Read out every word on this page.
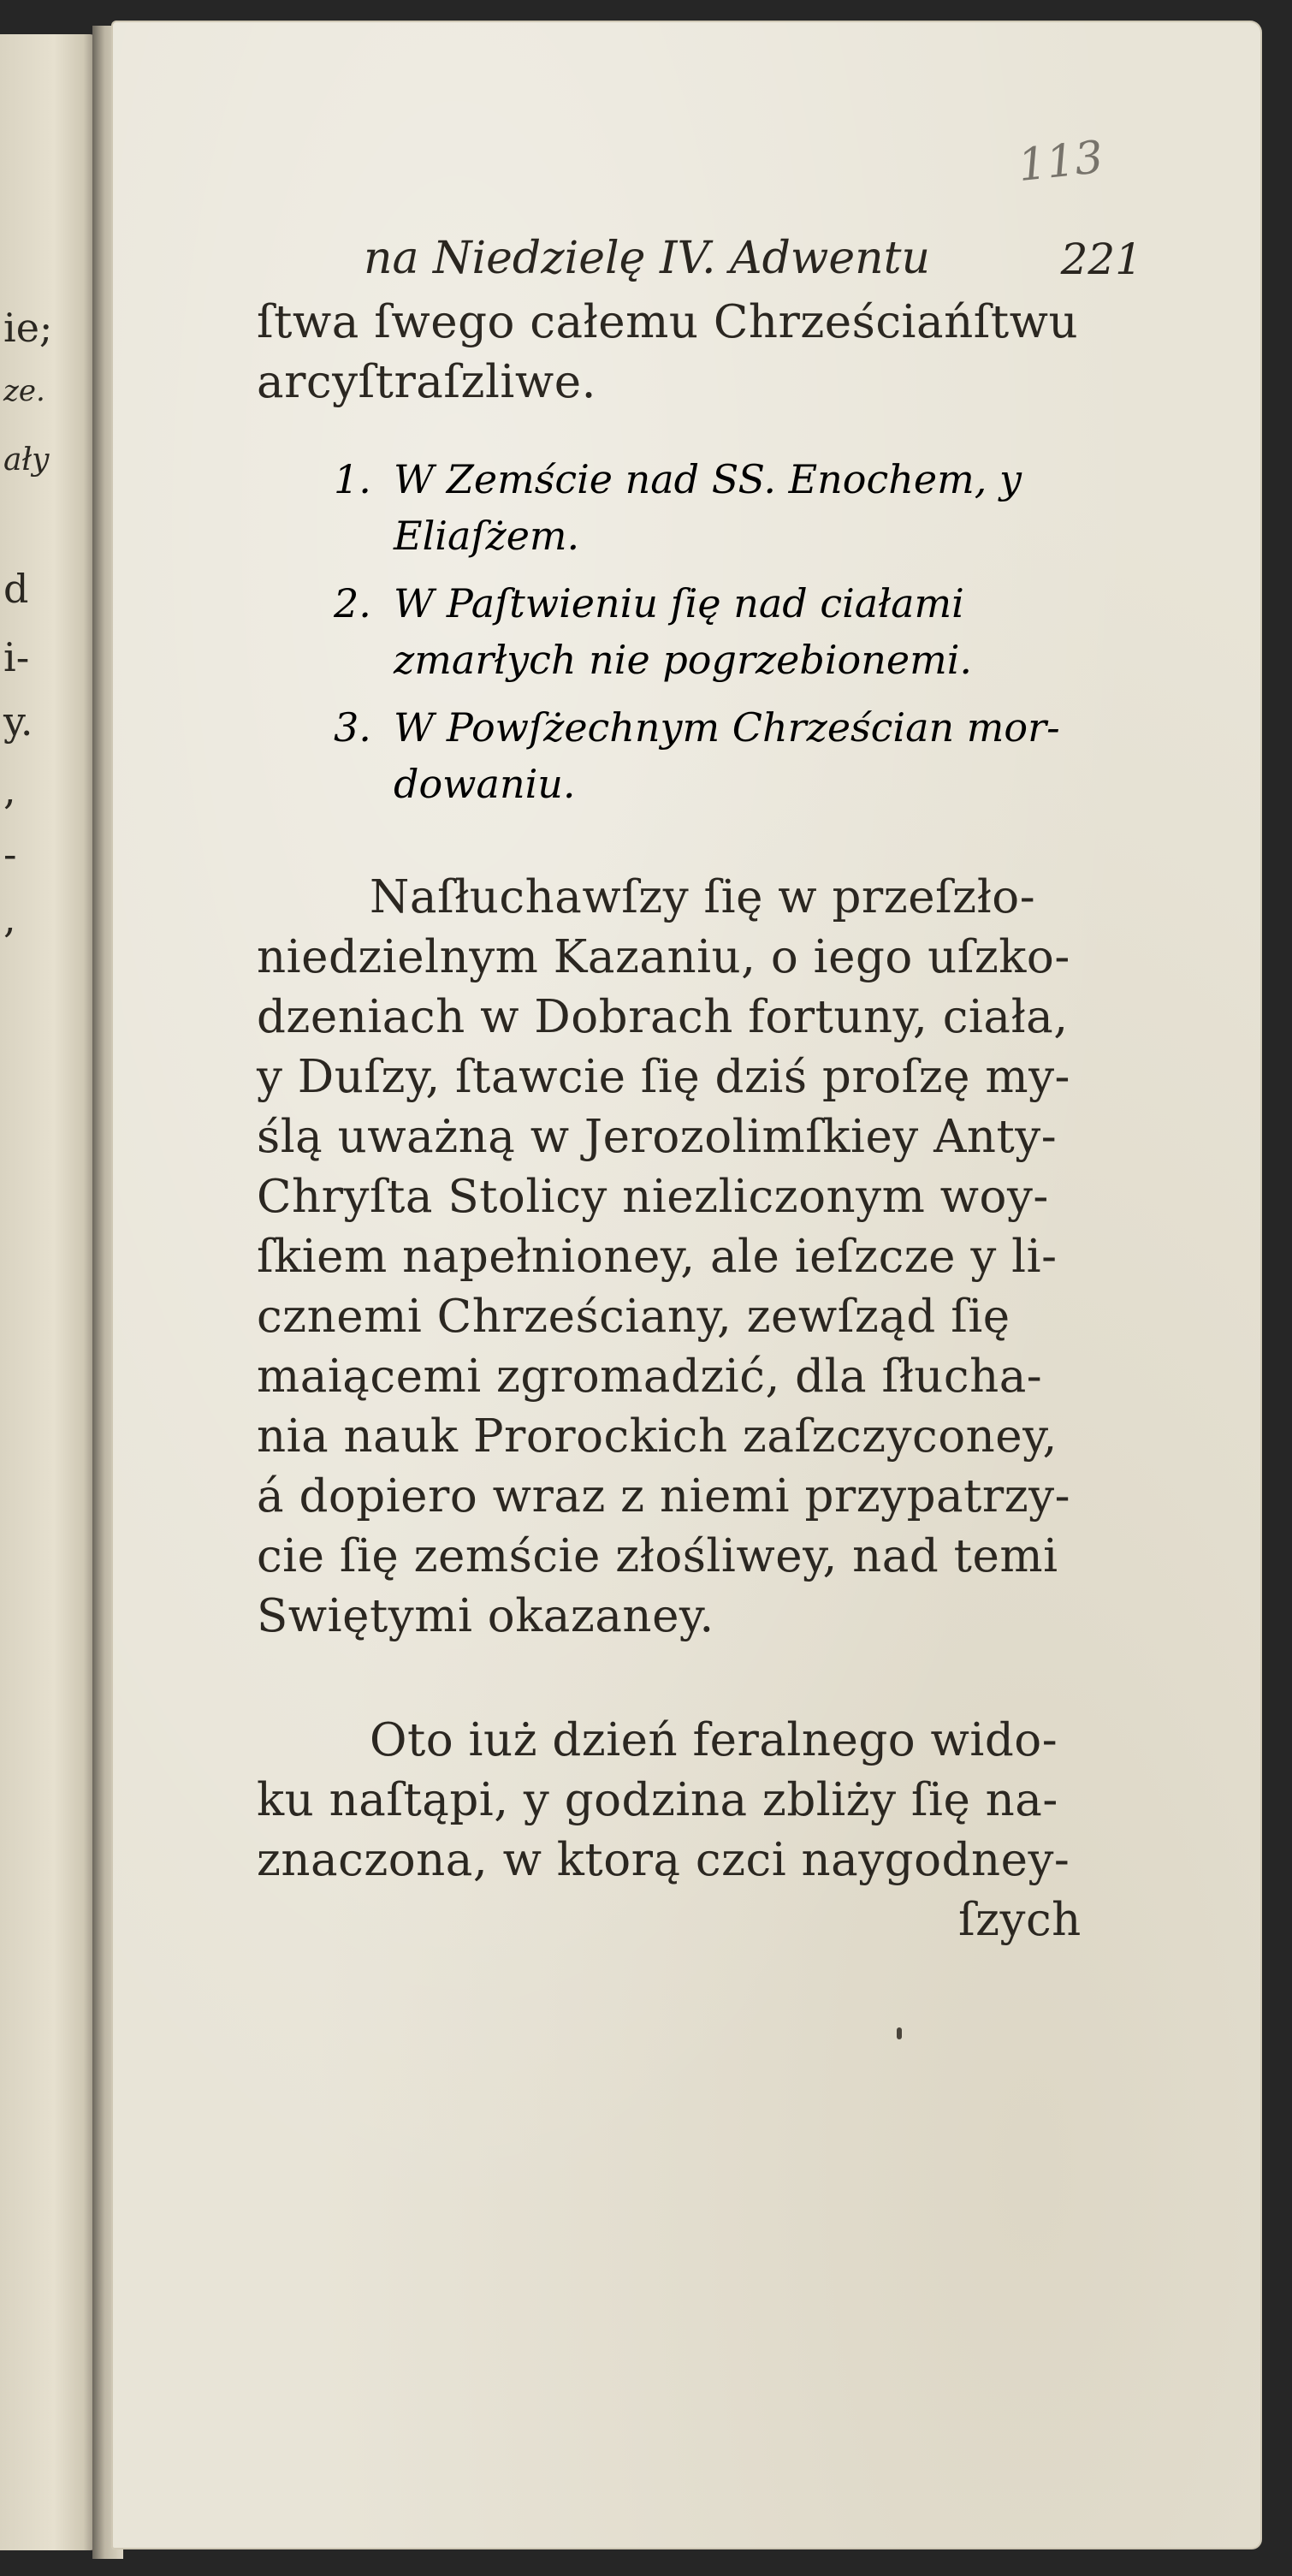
ie;
ze.
ały
d
i-
y.
,
-
,
113
na Niedzielę IV. Adwentu	221
ſtwa ſwego całemu Chrześciańſtwu
arcyſtraſzliwe.
1. W Zemście nad SS. Enochem, y
Eliaſżem.
2. W Paſtwieniu ſię nad ciałami
zmarłych nie pogrzebionemi.
3. W Powſżechnym Chrześcian mor-
dowaniu.
Naſłuchawſzy ſię w przeſzło-
niedzielnym Kazaniu, o iego uſzko-
dzeniach w Dobrach fortuny, ciała,
y Duſzy, ſtawcie ſię dziś proſzę my-
ślą uważną w Jerozolimſkiey Anty-
Chryſta Stolicy niezliczonym woy-
ſkiem napełnioney, ale ieſzcze y li-
cznemi Chrześciany, zewſząd ſię
maiącemi zgromadzić, dla ſłucha-
nia nauk Prorockich zaſzczyconey,
á dopiero wraz z niemi przypatrzy-
cie ſię zemście złośliwey, nad temi
Swiętymi okazaney.
Oto iuż dzień feralnego wido-
ku naſtąpi, y godzina zbliży ſię na-
znaczona, w ktorą czci naygodney-
ſzych
